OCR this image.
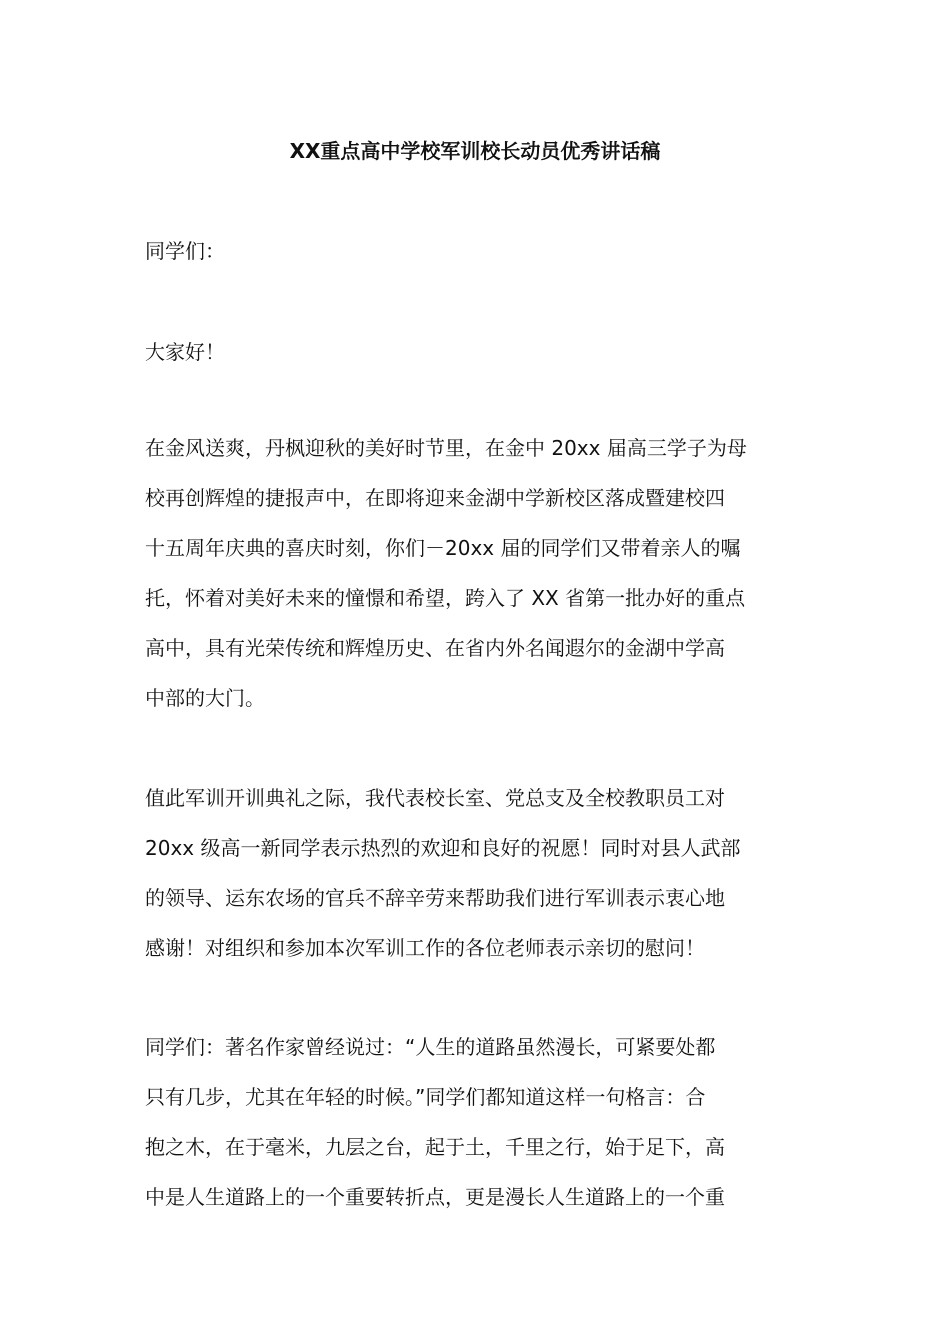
XX重点高中学校军训校长动员优秀讲话稿

同学们：

大家好！

在金风送爽，丹枫迎秋的美好时节里，在金中 20xx 届高三学子为母
校再创辉煌的捷报声中，在即将迎来金湖中学新校区落成暨建校四
十五周年庆典的喜庆时刻，你们－20xx 届的同学们又带着亲人的嘱
托，怀着对美好未来的憧憬和希望，跨入了 XX 省第一批办好的重点
高中，具有光荣传统和辉煌历史、在省内外名闻遐尔的金湖中学高
中部的大门。
值此军训开训典礼之际，我代表校长室、党总支及全校教职员工对
20xx 级高一新同学表示热烈的欢迎和良好的祝愿！同时对县人武部
的领导、运东农场的官兵不辞辛劳来帮助我们进行军训表示衷心地
感谢！对组织和参加本次军训工作的各位老师表示亲切的慰问！
同学们：著名作家曾经说过：“人生的道路虽然漫长，可紧要处都
只有几步，尤其在年轻的时候。”同学们都知道这样一句格言：合
抱之木，在于毫米，九层之台，起于土，千里之行，始于足下，高
中是人生道路上的一个重要转折点，更是漫长人生道路上的一个重
